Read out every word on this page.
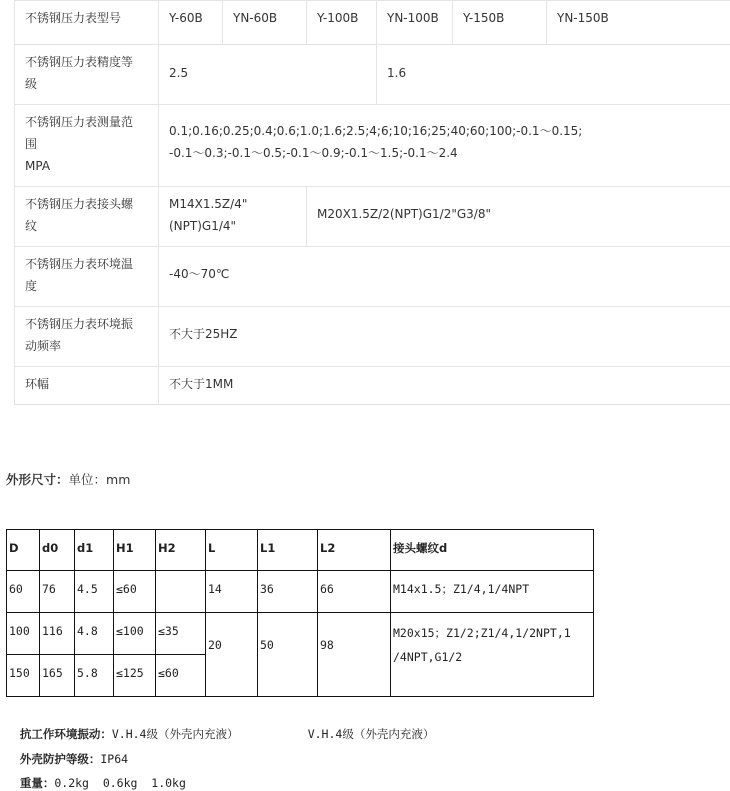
不锈钢压力表型号	Y-60B	YN-60B	Y-100B	YN-100B	Y-150B	YN-150B
不锈钢压力表精度等
级	2.5			1.6		
不锈钢压力表测量范
围
MPA	0.1;0.16;0.25;0.4;0.6;1.0;1.6;2.5;4;6;10;16;25;40;60;100;-0.1～0.15;
-0.1～0.3;-0.1～0.5;-0.1～0.9;-0.1～1.5;-0.1～2.4					
不锈钢压力表接头螺
纹	M14X1.5Z/4"
(NPT)G1/4"		M20X1.5Z/2(NPT)G1/2"G3/8"			
不锈钢压力表环境温
度	-40～70℃					
不锈钢压力表环境振
动频率	不大于25HZ					
环幅	不大于1MM					
外形尺寸：单位：mm
D	d0	d1	H1	H2	L	L1	L2	接头螺纹d
60	76	4.5	≤60		14	36	66	M14x1.5；Z1/4,1/4NPT
100	116	4.8	≤100	≤35	20	50	98	M20x15；Z1/2;Z1/4,1/2NPT,1
/4NPT,G1/2
150	165	5.8	≤125	≤60				

抗工作环境振动：V.H.4级（外壳内充液）          V.H.4级（外壳内充液）

外壳防护等级：IP64

重量：0.2kg  0.6kg  1.0kg
